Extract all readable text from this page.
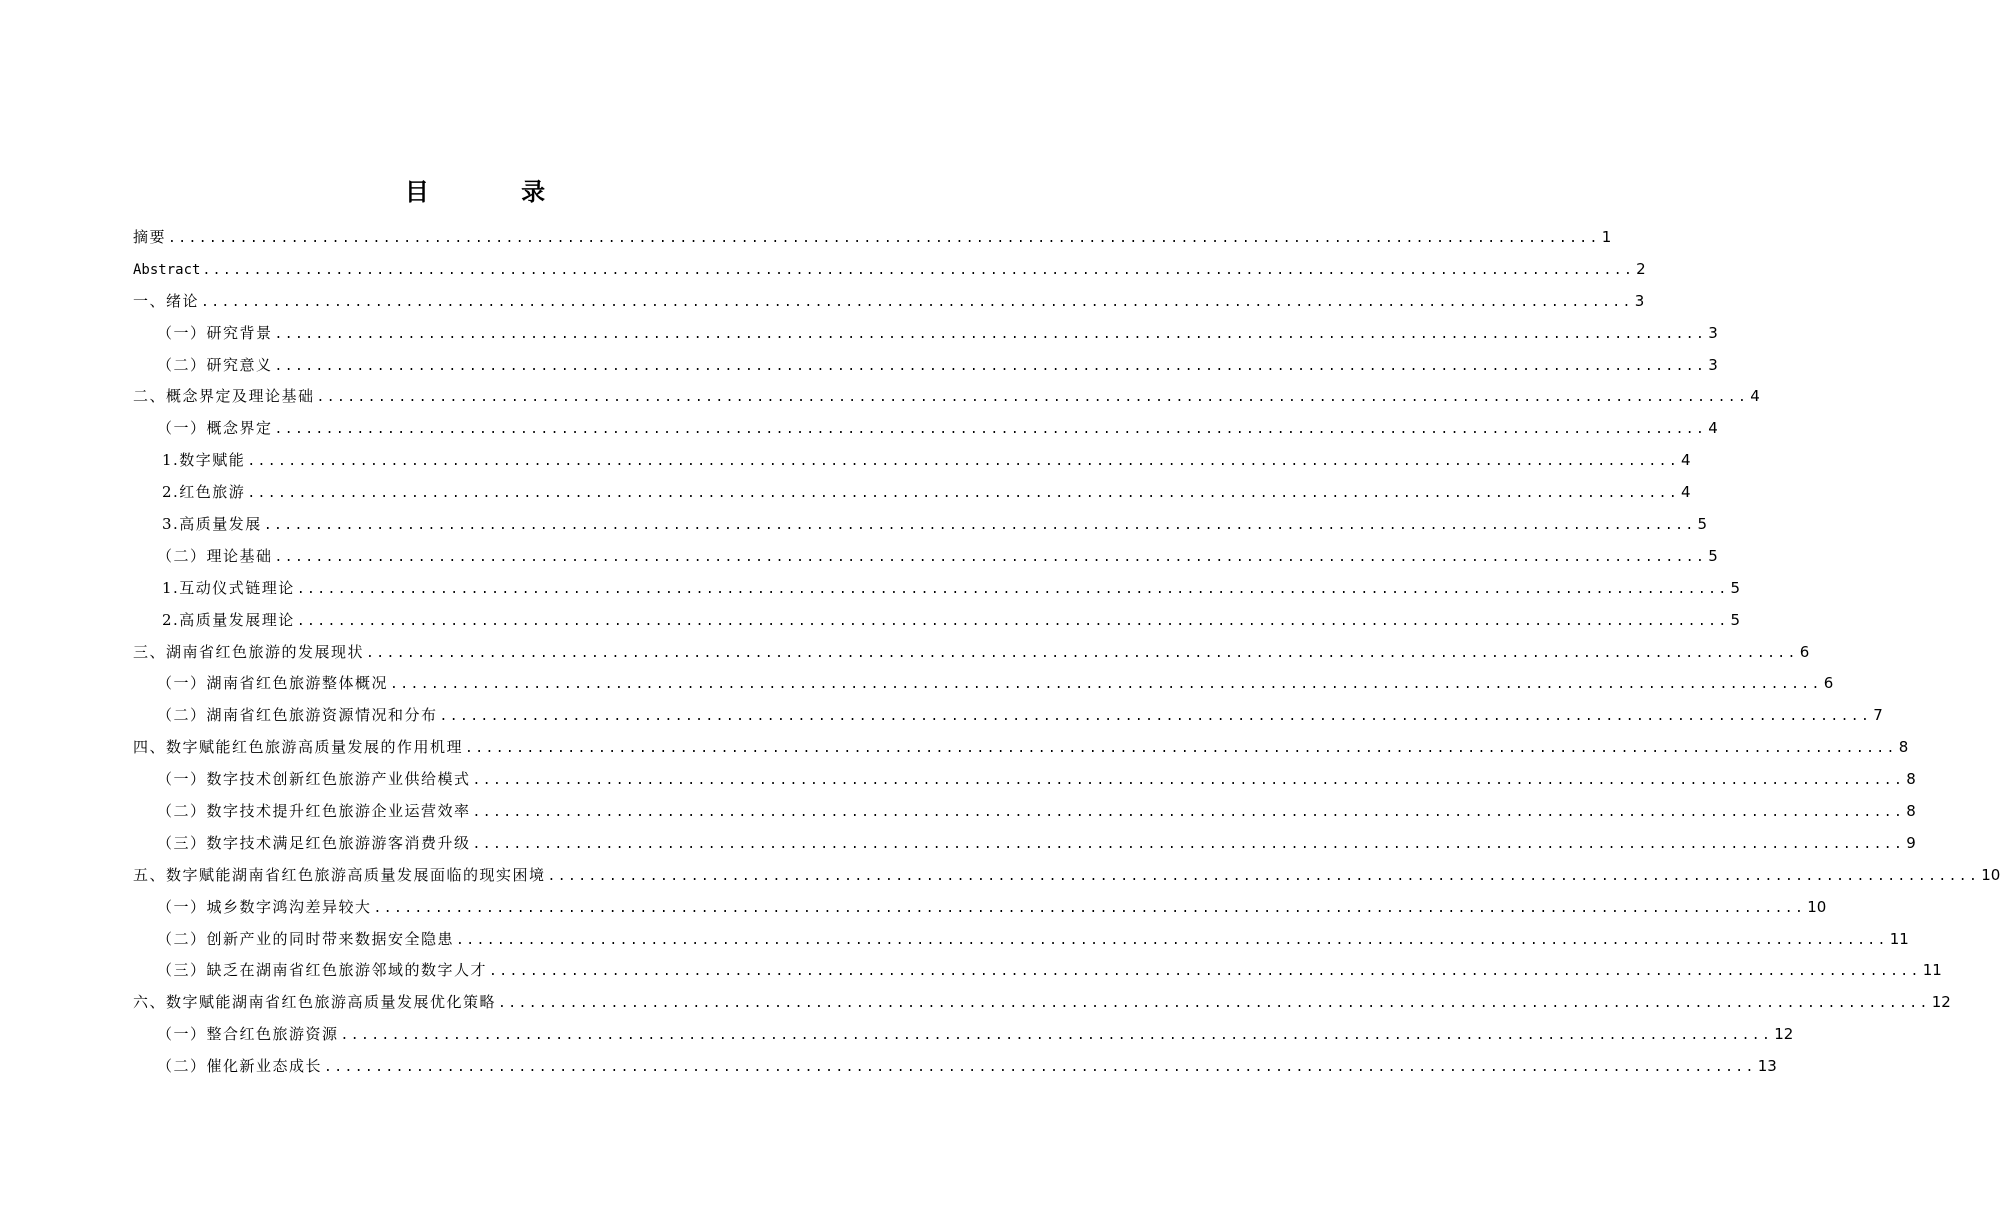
目 录
摘要 ............................................................................................................................................ 1
Abstract ............................................................................................................................................ 2
一、绪论 ............................................................................................................................................ 3
（一）研究背景 ............................................................................................................................................ 3
（二）研究意义 ............................................................................................................................................ 3
二、概念界定及理论基础 ............................................................................................................................................ 4
（一）概念界定 ............................................................................................................................................ 4
1.数字赋能 ............................................................................................................................................ 4
2.红色旅游 ............................................................................................................................................ 4
3.高质量发展 ............................................................................................................................................ 5
（二）理论基础 ............................................................................................................................................ 5
1.互动仪式链理论 ............................................................................................................................................ 5
2.高质量发展理论 ............................................................................................................................................ 5
三、湖南省红色旅游的发展现状 ............................................................................................................................................ 6
（一）湖南省红色旅游整体概况 ............................................................................................................................................ 6
（二）湖南省红色旅游资源情况和分布 ............................................................................................................................................ 7
四、数字赋能红色旅游高质量发展的作用机理 ............................................................................................................................................ 8
（一）数字技术创新红色旅游产业供给模式 ............................................................................................................................................ 8
（二）数字技术提升红色旅游企业运营效率 ............................................................................................................................................ 8
（三）数字技术满足红色旅游游客消费升级 ............................................................................................................................................ 9
五、数字赋能湖南省红色旅游高质量发展面临的现实困境 ............................................................................................................................................ 10
（一）城乡数字鸿沟差异较大 ............................................................................................................................................ 10
（二）创新产业的同时带来数据安全隐患 ............................................................................................................................................ 11
（三）缺乏在湖南省红色旅游邻域的数字人才 ............................................................................................................................................ 11
六、数字赋能湖南省红色旅游高质量发展优化策略 ............................................................................................................................................ 12
（一）整合红色旅游资源 ............................................................................................................................................ 12
（二）催化新业态成长 ............................................................................................................................................ 13
